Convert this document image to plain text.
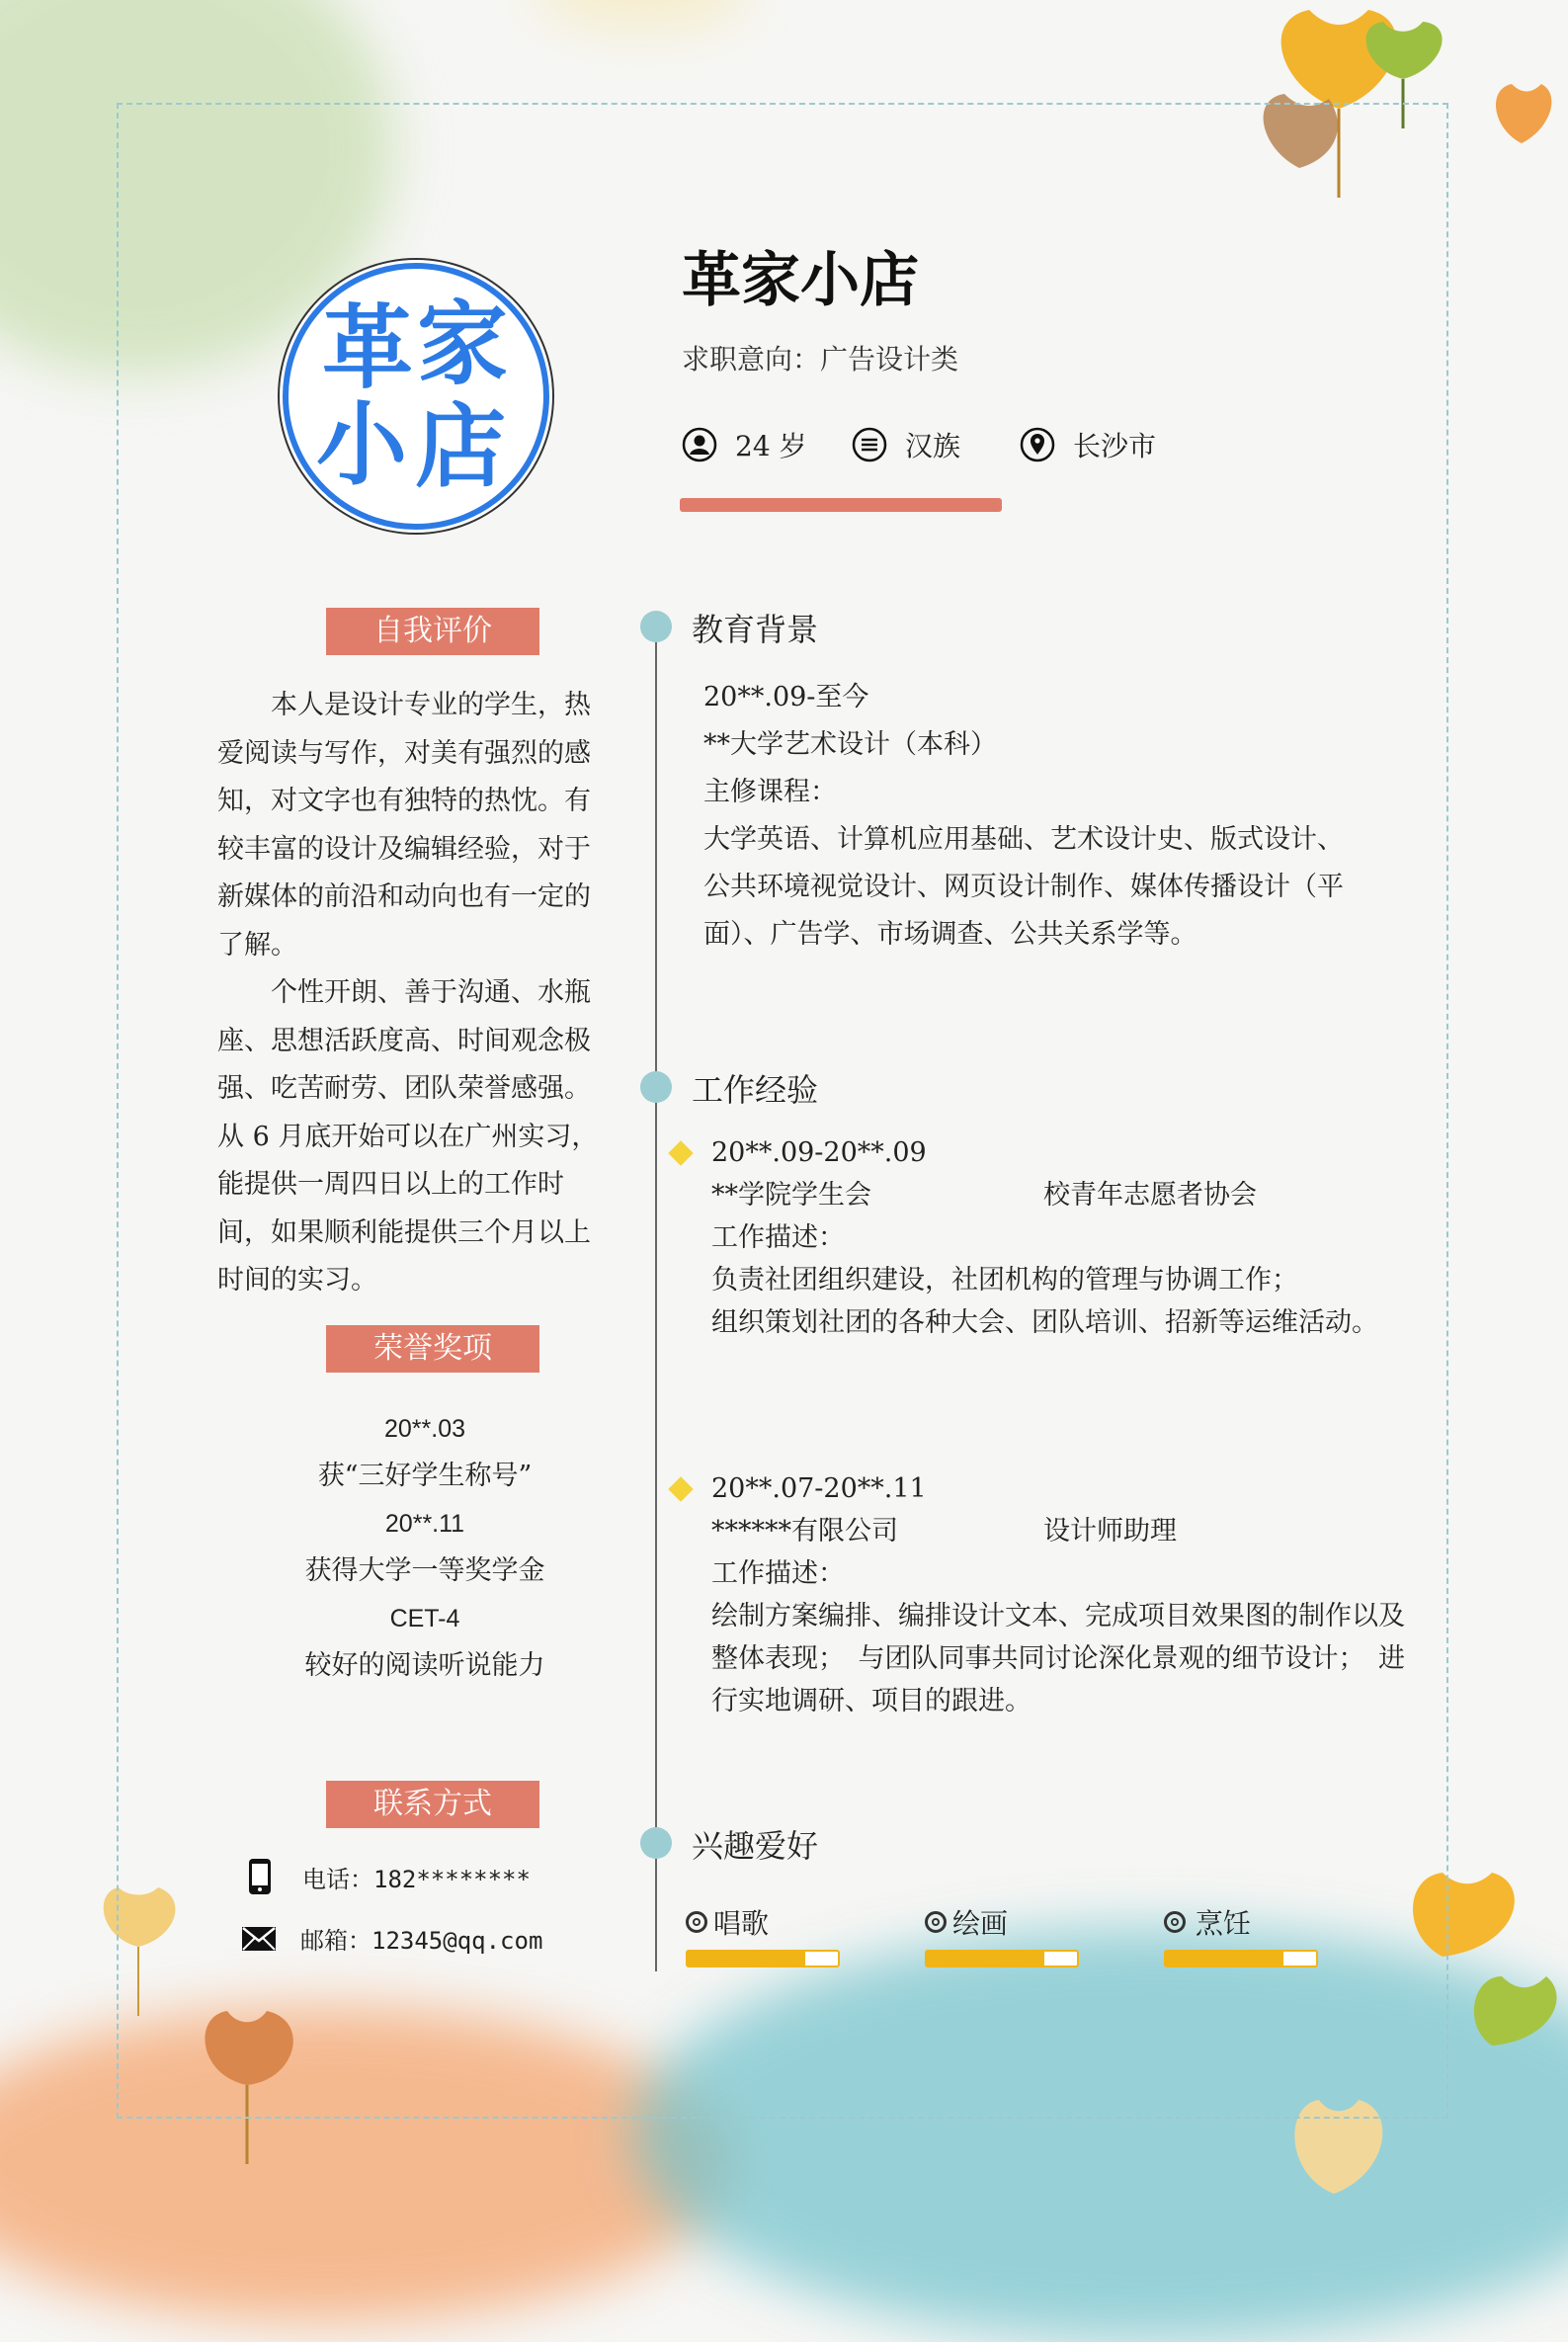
革 家
小 店
革家小店
求职意向：广告设计类
24 岁	汉族	长沙市
自我评价
　　本人是设计专业的学生，热
爱阅读与写作，对美有强烈的感
知，对文字也有独特的热忱。有
较丰富的设计及编辑经验，对于
新媒体的前沿和动向也有一定的
了解。
　　个性开朗、善于沟通、水瓶
座、思想活跃度高、时间观念极
强、吃苦耐劳、团队荣誉感强。
从 6 月底开始可以在广州实习，
能提供一周四日以上的工作时
间，如果顺利能提供三个月以上
时间的实习。
荣誉奖项
20**.03
获“三好学生称号”
20**.11
获得大学一等奖学金
CET-4
较好的阅读听说能力
联系方式
电话：182********
邮箱：12345@qq.com
教育背景
20**.09-至今
**大学艺术设计（本科）
主修课程：
大学英语、计算机应用基础、艺术设计史、版式设计、
公共环境视觉设计、网页设计制作、媒体传播设计（平
面）、广告学、市场调查、公共关系学等。
工作经验
20**.09-20**.09
**学院学生会	校青年志愿者协会
工作描述：
负责社团组织建设，社团机构的管理与协调工作；
组织策划社团的各种大会、团队培训、招新等运维活动。
20**.07-20**.11
******有限公司	设计师助理
工作描述：
绘制方案编排、编排设计文本、完成项目效果图的制作以及
整体表现；　与团队同事共同讨论深化景观的细节设计；　进
行实地调研、项目的跟进。
兴趣爱好
唱歌	绘画	烹饪
